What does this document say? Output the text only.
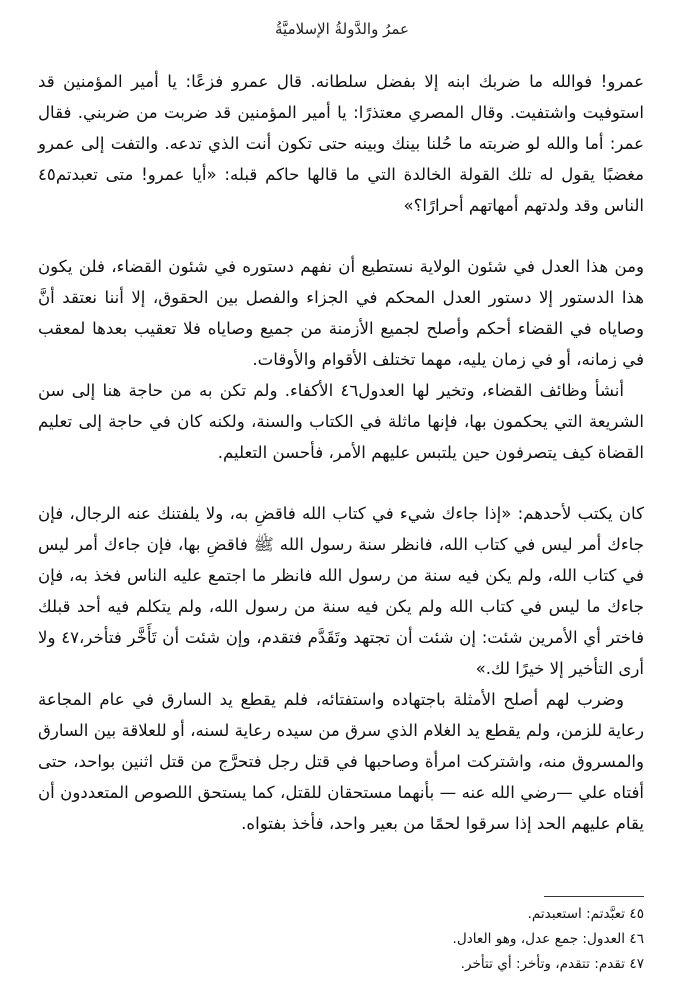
عمرُ والدَّولةُ الإسلاميَّةُ

عمرو! فوالله ما ضربك ابنه إلا بفضل سلطانه. قال عمرو فزعًا: يا أمير المؤمنين قد استوفيت واشتفيت. وقال المصري معتذرًا: يا أمير المؤمنين قد ضربت من ضربني. فقال عمر: أما والله لو ضربته ما حُلنا بينك وبينه حتى تكون أنت الذي تدعه. والتفت إلى عمرو مغضبًا يقول له تلك القولة الخالدة التي ما قالها حاكم قبله: «أيا عمرو! متى تعبدتم٤٥ الناس وقد ولدتهم أمهاتهم أحرارًا؟»

ومن هذا العدل في شئون الولاية نستطيع أن نفهم دستوره في شئون القضاء، فلن يكون هذا الدستور إلا دستور العدل المحكم في الجزاء والفصل بين الحقوق، إلا أننا نعتقد أنَّ وصاياه في القضاء أحكم وأصلح لجميع الأزمنة من جميع وصاياه فلا تعقيب بعدها لمعقب في زمانه، أو في زمان يليه، مهما تختلف الأقوام والأوقات.

أنشأ وظائف القضاء، وتخير لها العدول٤٦ الأكفاء. ولم تكن به من حاجة هنا إلى سن الشريعة التي يحكمون بها، فإنها ماثلة في الكتاب والسنة، ولكنه كان في حاجة إلى تعليم القضاة كيف يتصرفون حين يلتبس عليهم الأمر، فأحسن التعليم.

كان يكتب لأحدهم: «إذا جاءك شيء في كتاب الله فاقضِ به، ولا يلفتنك عنه الرجال، فإن جاءك أمر ليس في كتاب الله، فانظر سنة رسول الله ﷺ فاقضِ بها، فإن جاءك أمر ليس في كتاب الله، ولم يكن فيه سنة من رسول الله فانظر ما اجتمع عليه الناس فخذ به، فإن جاءك ما ليس في كتاب الله ولم يكن فيه سنة من رسول الله، ولم يتكلم فيه أحد قبلك فاختر أي الأمرين شئت: إن شئت أن تجتهد وتَقَدَّم فتقدم، وإن شئت أن تَأَخَّر فتأخر،٤٧ ولا أرى التأخير إلا خيرًا لك.»

وضرب لهم أصلح الأمثلة باجتهاده واستفتائه، فلم يقطع يد السارق في عام المجاعة رعاية للزمن، ولم يقطع يد الغلام الذي سرق من سيده رعاية لسنه، أو للعلاقة بين السارق والمسروق منه، واشتركت امرأة وصاحبها في قتل رجل فتحرَّج من قتل اثنين بواحد، حتى أفتاه علي —رضي الله عنه — بأنهما مستحقان للقتل، كما يستحق اللصوص المتعددون أن يقام عليهم الحد إذا سرقوا لحمًا من بعير واحد، فأخذ بفتواه.

٤٥ تعبَّدتم: استعبدتم.
٤٦ العدول: جمع عدل، وهو العادل.
٤٧ تقدم: تتقدم، وتأخر: أي تتأخر.
